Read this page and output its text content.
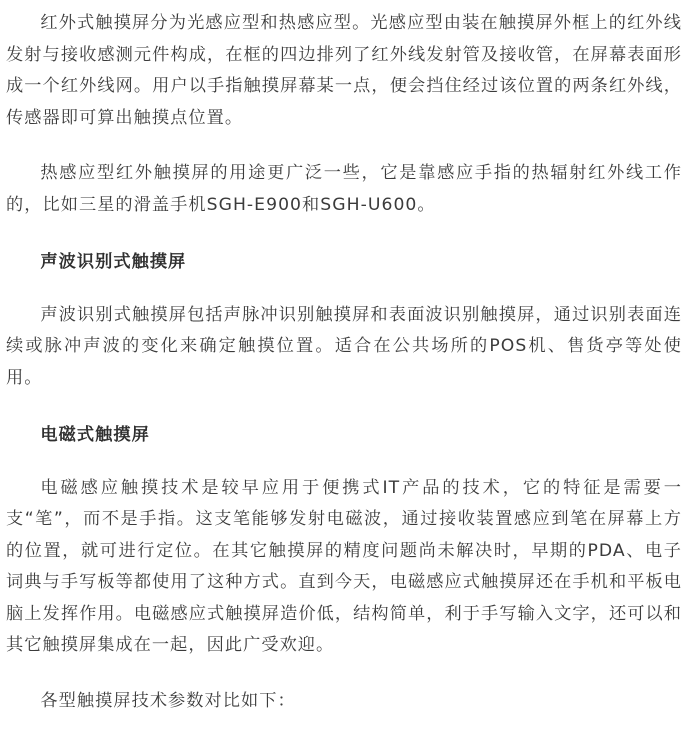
红外式触摸屏分为光感应型和热感应型。光感应型由装在触摸屏外框上的红外线发射与接收感测元件构成，在框的四边排列了红外线发射管及接收管，在屏幕表面形成一个红外线网。用户以手指触摸屏幕某一点，便会挡住经过该位置的两条红外线，传感器即可算出触摸点位置。

热感应型红外触摸屏的用途更广泛一些，它是靠感应手指的热辐射红外线工作的，比如三星的滑盖手机SGH-E900和SGH-U600。

声波识别式触摸屏

声波识别式触摸屏包括声脉冲识别触摸屏和表面波识别触摸屏，通过识别表面连续或脉冲声波的变化来确定触摸位置。适合在公共场所的POS机、售货亭等处使用。

电磁式触摸屏

电磁感应触摸技术是较早应用于便携式IT产品的技术，它的特征是需要一支“笔”，而不是手指。这支笔能够发射电磁波，通过接收装置感应到笔在屏幕上方的位置，就可进行定位。在其它触摸屏的精度问题尚未解决时，早期的PDA、电子词典与手写板等都使用了这种方式。直到今天，电磁感应式触摸屏还在手机和平板电脑上发挥作用。电磁感应式触摸屏造价低，结构简单，利于手写输入文字，还可以和其它触摸屏集成在一起，因此广受欢迎。

各型触摸屏技术参数对比如下：
